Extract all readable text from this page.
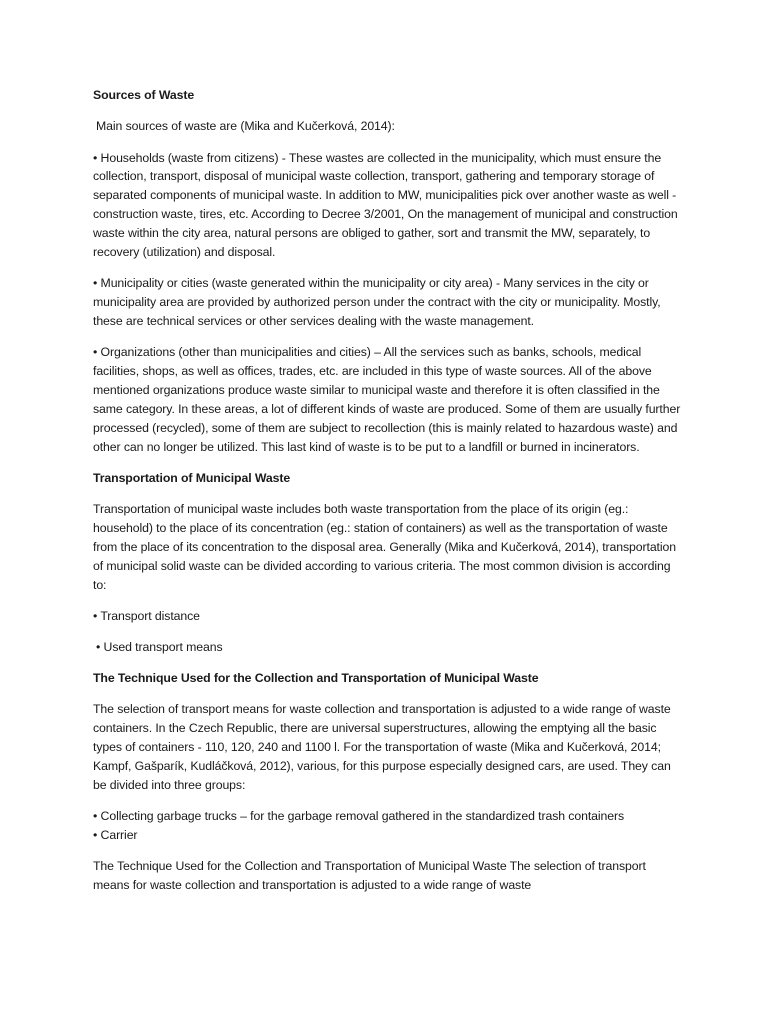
Sources of Waste

Main sources of waste are (Mika and Kučerková, 2014):

• Households (waste from citizens) - These wastes are collected in the municipality, which must ensure the collection, transport, disposal of municipal waste collection, transport, gathering and temporary storage of separated components of municipal waste. In addition to MW, municipalities pick over another waste as well - construction waste, tires, etc. According to Decree 3/2001, On the management of municipal and construction waste within the city area, natural persons are obliged to gather, sort and transmit the MW, separately, to recovery (utilization) and disposal.

• Municipality or cities (waste generated within the municipality or city area) - Many services in the city or municipality area are provided by authorized person under the contract with the city or municipality. Mostly, these are technical services or other services dealing with the waste management.

• Organizations (other than municipalities and cities) – All the services such as banks, schools, medical facilities, shops, as well as offices, trades, etc. are included in this type of waste sources. All of the above mentioned organizations produce waste similar to municipal waste and therefore it is often classified in the same category. In these areas, a lot of different kinds of waste are produced. Some of them are usually further processed (recycled), some of them are subject to recollection (this is mainly related to hazardous waste) and other can no longer be utilized. This last kind of waste is to be put to a landfill or burned in incinerators.

Transportation of Municipal Waste

Transportation of municipal waste includes both waste transportation from the place of its origin (eg.: household) to the place of its concentration (eg.: station of containers) as well as the transportation of waste from the place of its concentration to the disposal area. Generally (Mika and Kučerková, 2014), transportation of municipal solid waste can be divided according to various criteria. The most common division is according to:

• Transport distance

• Used transport means

The Technique Used for the Collection and Transportation of Municipal Waste

The selection of transport means for waste collection and transportation is adjusted to a wide range of waste containers. In the Czech Republic, there are universal superstructures, allowing the emptying all the basic types of containers - 110, 120, 240 and 1100 l. For the transportation of waste (Mika and Kučerková, 2014; Kampf, Gašparík, Kudláčková, 2012), various, for this purpose especially designed cars, are used. They can be divided into three groups:

• Collecting garbage trucks – for the garbage removal gathered in the standardized trash containers

• Carrier

The Technique Used for the Collection and Transportation of Municipal Waste The selection of transport means for waste collection and transportation is adjusted to a wide range of waste
